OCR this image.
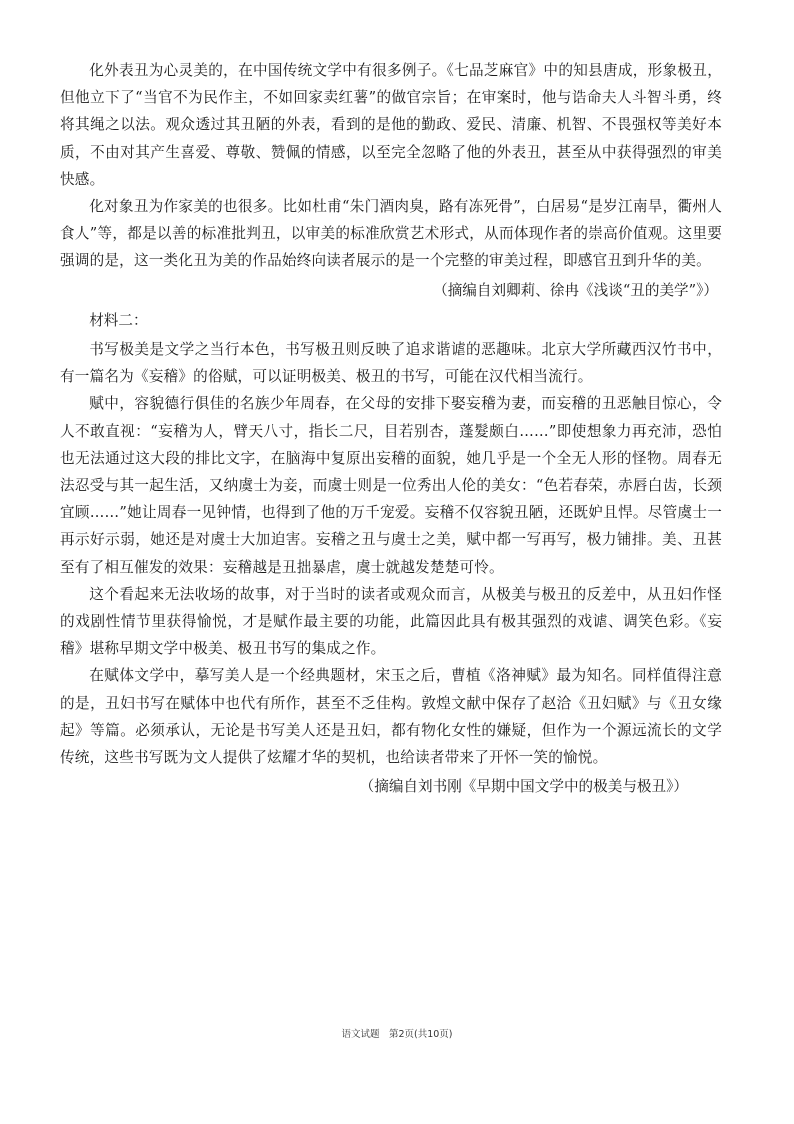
化外表丑为心灵美的，在中国传统文学中有很多例子。《七品芝麻官》中的知县唐成，形象极丑，但他立下了“当官不为民作主，不如回家卖红薯”的做官宗旨；在审案时，他与诰命夫人斗智斗勇，终将其绳之以法。观众透过其丑陋的外表，看到的是他的勤政、爱民、清廉、机智、不畏强权等美好本质，不由对其产生喜爱、尊敬、赞佩的情感，以至完全忽略了他的外表丑，甚至从中获得强烈的审美快感。

化对象丑为作家美的也很多。比如杜甫“朱门酒肉臭，路有冻死骨”，白居易“是岁江南旱，衢州人食人”等，都是以善的标准批判丑，以审美的标准欣赏艺术形式，从而体现作者的崇高价值观。这里要强调的是，这一类化丑为美的作品始终向读者展示的是一个完整的审美过程，即感官丑到升华的美。

（摘编自刘卿莉、徐冉《浅谈“丑的美学”》）

材料二：

书写极美是文学之当行本色，书写极丑则反映了追求谐谑的恶趣味。北京大学所藏西汉竹书中，有一篇名为《妄稽》的俗赋，可以证明极美、极丑的书写，可能在汉代相当流行。

赋中，容貌德行俱佳的名族少年周春，在父母的安排下娶妄稽为妻，而妄稽的丑恶触目惊心，令人不敢直视：“妄稽为人，臂天八寸，指长二尺，目若别杏，蓬髮颇白……”即使想象力再充沛，恐怕也无法通过这大段的排比文字，在脑海中复原出妄稽的面貌，她几乎是一个全无人形的怪物。周春无法忍受与其一起生活，又纳虞士为妾，而虞士则是一位秀出人伦的美女：“色若春荣，赤唇白齿，长颈宜顾……”她让周春一见钟情，也得到了他的万千宠爱。妄稽不仅容貌丑陋，还既妒且悍。尽管虞士一再示好示弱，她还是对虞士大加迫害。妄稽之丑与虞士之美，赋中都一写再写，极力铺排。美、丑甚至有了相互催发的效果：妄稽越是丑拙暴虐，虞士就越发楚楚可怜。

这个看起来无法收场的故事，对于当时的读者或观众而言，从极美与极丑的反差中，从丑妇作怪的戏剧性情节里获得愉悦，才是赋作最主要的功能，此篇因此具有极其强烈的戏谑、调笑色彩。《妄稽》堪称早期文学中极美、极丑书写的集成之作。

在赋体文学中，摹写美人是一个经典题材，宋玉之后，曹植《洛神赋》最为知名。同样值得注意的是，丑妇书写在赋体中也代有所作，甚至不乏佳构。敦煌文献中保存了赵洽《丑妇赋》与《丑女缘起》等篇。必须承认，无论是书写美人还是丑妇，都有物化女性的嫌疑，但作为一个源远流长的文学传统，这些书写既为文人提供了炫耀才华的契机，也给读者带来了开怀一笑的愉悦。

（摘编自刘书刚《早期中国文学中的极美与极丑》）

语文试题　第2页(共10页)
